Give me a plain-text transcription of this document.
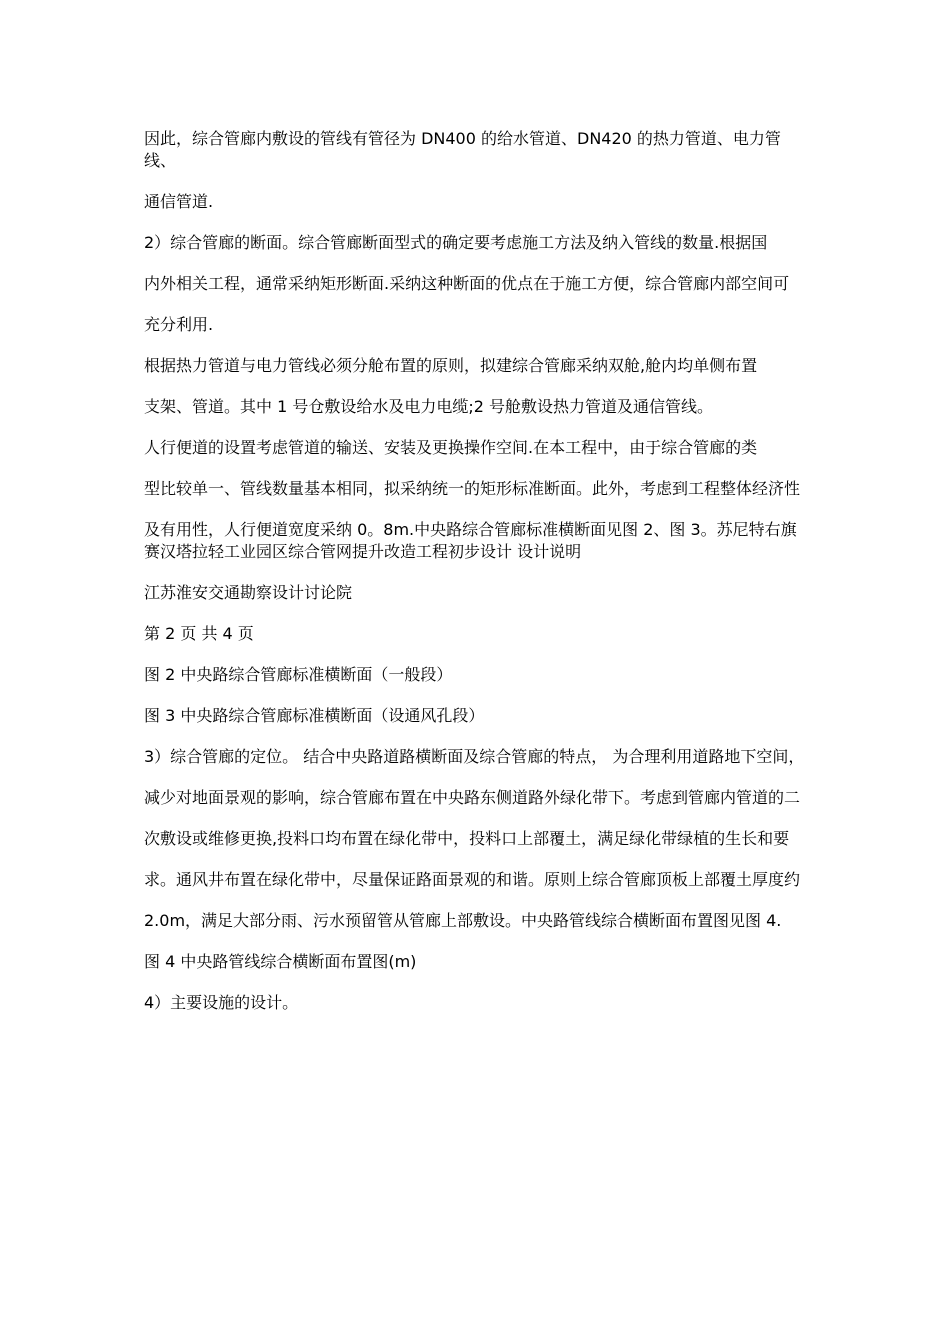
因此，综合管廊内敷设的管线有管径为 DN400 的给水管道、DN420 的热力管道、电力管线、

通信管道.

2）综合管廊的断面。综合管廊断面型式的确定要考虑施工方法及纳入管线的数量.根据国

内外相关工程，通常采纳矩形断面.采纳这种断面的优点在于施工方便，综合管廊内部空间可

充分利用.

根据热力管道与电力管线必须分舱布置的原则，拟建综合管廊采纳双舱,舱内均单侧布置

支架、管道。其中 1 号仓敷设给水及电力电缆;2 号舱敷设热力管道及通信管线。

人行便道的设置考虑管道的输送、安装及更换操作空间.在本工程中，由于综合管廊的类

型比较单一、管线数量基本相同，拟采纳统一的矩形标准断面。此外，考虑到工程整体经济性

及有用性，人行便道宽度采纳 0。8m.中央路综合管廊标准横断面见图 2、图 3。苏尼特右旗赛汉塔拉轻工业园区综合管网提升改造工程初步设计 设计说明

江苏淮安交通勘察设计讨论院

第 2 页 共 4 页

图 2 中央路综合管廊标准横断面（一般段）

图 3 中央路综合管廊标准横断面（设通风孔段）

3）综合管廊的定位。 结合中央路道路横断面及综合管廊的特点， 为合理利用道路地下空间，

减少对地面景观的影响，综合管廊布置在中央路东侧道路外绿化带下。考虑到管廊内管道的二

次敷设或维修更换,投料口均布置在绿化带中，投料口上部覆土，满足绿化带绿植的生长和要

求。通风井布置在绿化带中，尽量保证路面景观的和谐。原则上综合管廊顶板上部覆土厚度约

2.0m，满足大部分雨、污水预留管从管廊上部敷设。中央路管线综合横断面布置图见图 4.

图 4 中央路管线综合横断面布置图(m)

4）主要设施的设计。
